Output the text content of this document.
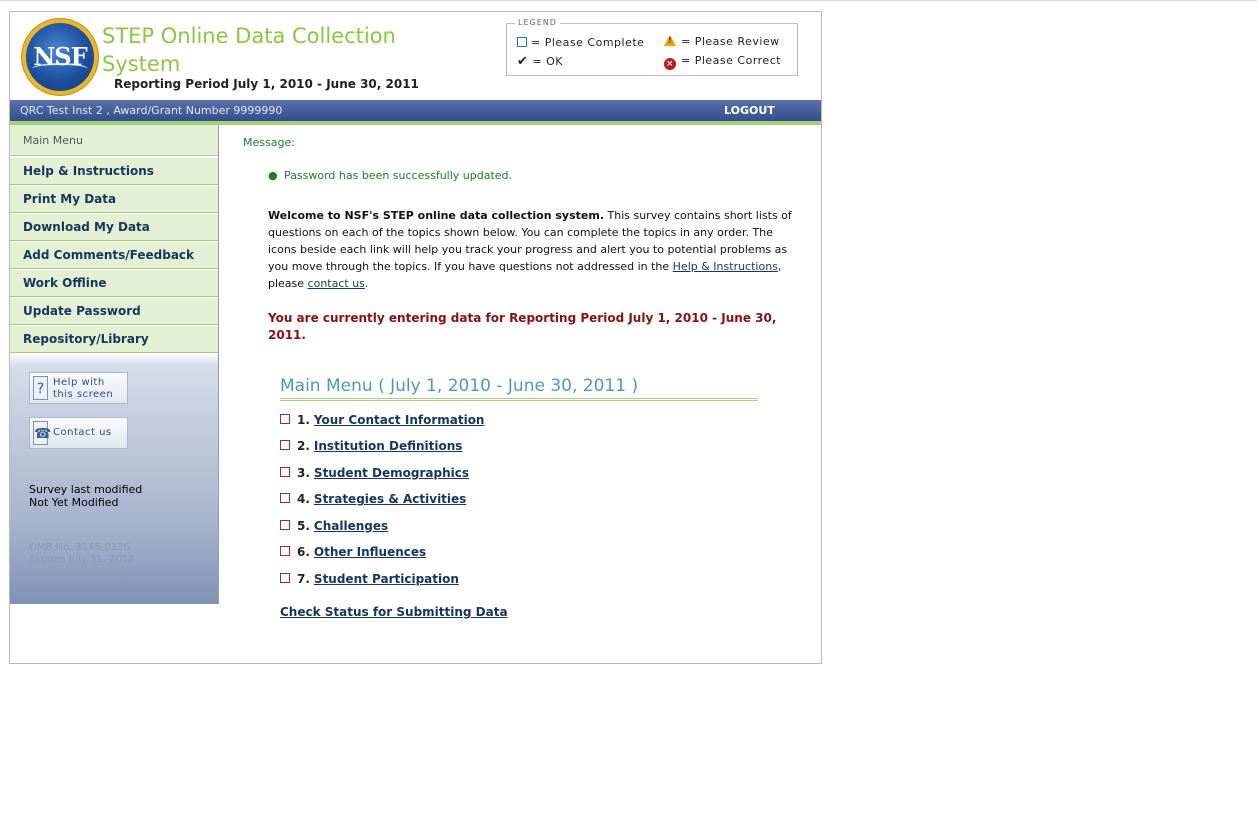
NSF
STEP Online Data Collection System
Reporting Period July 1, 2010 - June 30, 2011
LEGEND
= Please Complete
✔ = OK
!= Please Review
× = Please Correct
QRC Test Inst 2 , Award/Grant Number 9999990	LOGOUT
Main Menu
Help & Instructions
Print My Data
Download My Data
Add Comments/Feedback
Work Offline
Update Password
Repository/Library
? Help with
this screen
☎ Contact us
Survey last modified
Not Yet Modified
OMB No. 3145-0136
Expires July 31, 2012
Message:
● Password has been successfully updated.
Welcome to NSF's STEP online data collection system. This survey contains short lists of questions on each of the topics shown below. You can complete the topics in any order. The icons beside each link will help you track your progress and alert you to potential problems as you move through the topics. If you have questions not addressed in the Help & Instructions, please contact us.
You are currently entering data for Reporting Period July 1, 2010 - June 30, 2011.
Main Menu ( July 1, 2010 - June 30, 2011 )
1. Your Contact Information
2. Institution Definitions
3. Student Demographics
4. Strategies & Activities
5. Challenges
6. Other Influences
7. Student Participation
Check Status for Submitting Data
